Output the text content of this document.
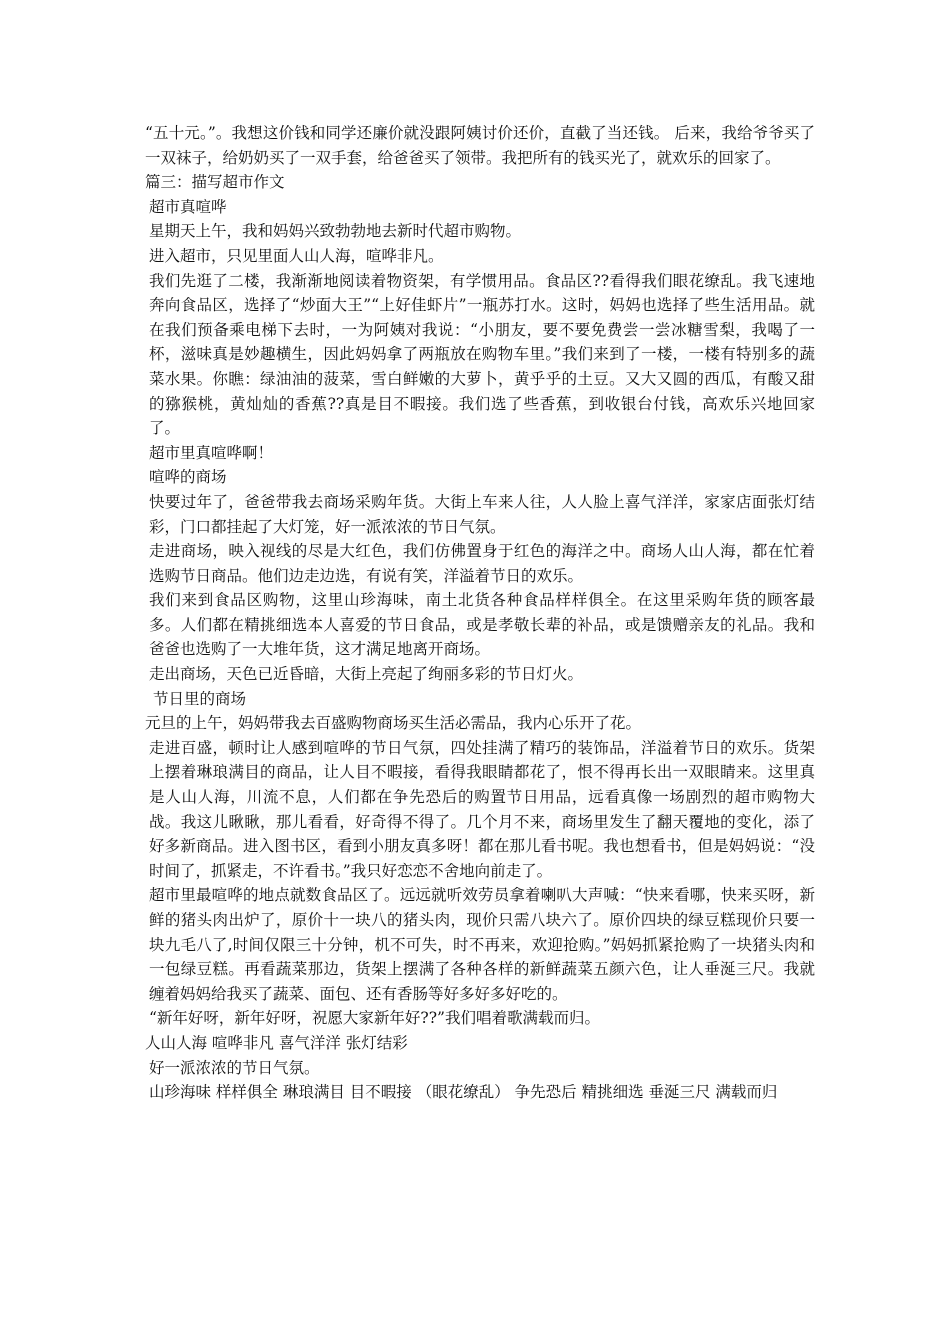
“五十元。”。我想这价钱和同学还廉价就没跟阿姨讨价还价，直截了当还钱。 后来，我给爷爷买了一双袜子，给奶奶买了一双手套，给爸爸买了领带。我把所有的钱买光了，就欢乐的回家了。

篇三：描写超市作文

超市真喧哗

星期天上午，我和妈妈兴致勃勃地去新时代超市购物。

进入超市，只见里面人山人海，喧哗非凡。

我们先逛了二楼，我渐渐地阅读着物资架，有学惯用品。食品区??看得我们眼花缭乱。我飞速地奔向食品区，选择了“炒面大王”“上好佳虾片”一瓶苏打水。这时，妈妈也选择了些生活用品。就在我们预备乘电梯下去时，一为阿姨对我说：“小朋友，要不要免费尝一尝冰糖雪梨，我喝了一杯，滋味真是妙趣横生，因此妈妈拿了两瓶放在购物车里。”我们来到了一楼，一楼有特别多的蔬菜水果。你瞧：绿油油的菠菜，雪白鲜嫩的大萝卜，黄乎乎的土豆。又大又圆的西瓜，有酸又甜的猕猴桃，黄灿灿的香蕉??真是目不暇接。我们选了些香蕉，到收银台付钱，高欢乐兴地回家了。

超市里真喧哗啊！

喧哗的商场

快要过年了，爸爸带我去商场采购年货。大街上车来人往，人人脸上喜气洋洋，家家店面张灯结彩，门口都挂起了大灯笼，好一派浓浓的节日气氛。

走进商场，映入视线的尽是大红色，我们仿佛置身于红色的海洋之中。商场人山人海，都在忙着选购节日商品。他们边走边选，有说有笑，洋溢着节日的欢乐。

我们来到食品区购物，这里山珍海味，南土北货各种食品样样俱全。在这里采购年货的顾客最多。人们都在精挑细选本人喜爱的节日食品，或是孝敬长辈的补品，或是馈赠亲友的礼品。我和爸爸也选购了一大堆年货，这才满足地离开商场。

走出商场，天色已近昏暗，大街上亮起了绚丽多彩的节日灯火。

节日里的商场

元旦的上午，妈妈带我去百盛购物商场买生活必需品，我内心乐开了花。

走进百盛，顿时让人感到喧哗的节日气氛，四处挂满了精巧的装饰品，洋溢着节日的欢乐。货架上摆着琳琅满目的商品，让人目不暇接，看得我眼睛都花了，恨不得再长出一双眼睛来。这里真是人山人海，川流不息，人们都在争先恐后的购置节日用品，远看真像一场剧烈的超市购物大战。我这儿瞅瞅，那儿看看，好奇得不得了。几个月不来，商场里发生了翻天覆地的变化，添了好多新商品。进入图书区，看到小朋友真多呀！都在那儿看书呢。我也想看书，但是妈妈说：“没时间了，抓紧走，不许看书。”我只好恋恋不舍地向前走了。

超市里最喧哗的地点就数食品区了。远远就听效劳员拿着喇叭大声喊：“快来看哪，快来买呀，新鲜的猪头肉出炉了，原价十一块八的猪头肉，现价只需八块六了。原价四块的绿豆糕现价只要一块九毛八了,时间仅限三十分钟，机不可失，时不再来，欢迎抢购。”妈妈抓紧抢购了一块猪头肉和一包绿豆糕。再看蔬菜那边，货架上摆满了各种各样的新鲜蔬菜五颜六色，让人垂涎三尺。我就缠着妈妈给我买了蔬菜、面包、还有香肠等好多好多好吃的。

“新年好呀，新年好呀，祝愿大家新年好??”我们唱着歌满载而归。

人山人海 喧哗非凡 喜气洋洋 张灯结彩

好一派浓浓的节日气氛。

山珍海味 样样俱全 琳琅满目 目不暇接 （眼花缭乱） 争先恐后 精挑细选 垂涎三尺 满载而归
